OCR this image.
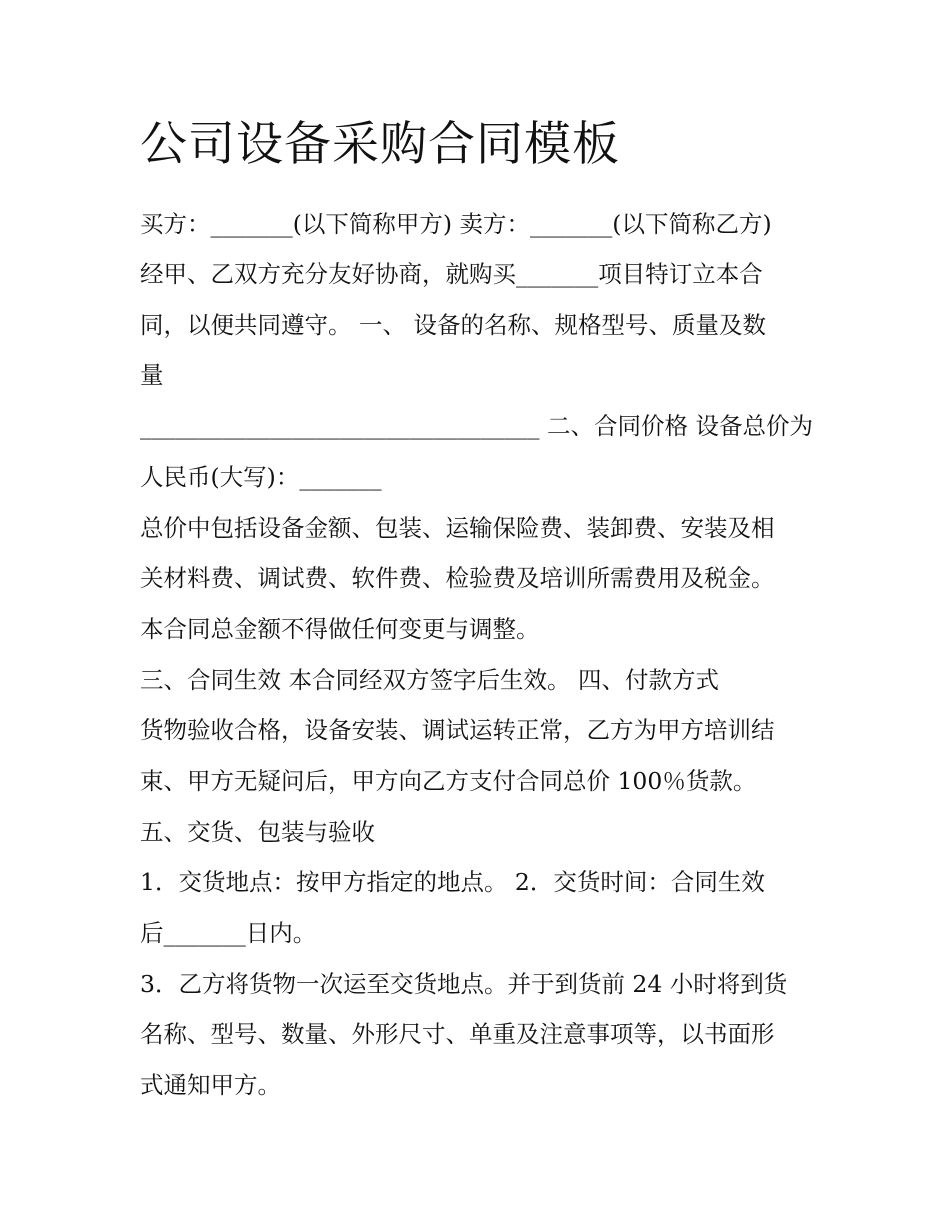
公司设备采购合同模板

买方：_______(以下简称甲方) 卖方：_______(以下简称乙方)

经甲、乙双方充分友好协商，就购买_______项目特订立本合

同，以便共同遵守。 一、 设备的名称、规格型号、质量及数

量

__________________________________ 二、合同价格 设备总价为

人民币(大写)：_______

总价中包括设备金额、包装、运输保险费、装卸费、安装及相

关材料费、调试费、软件费、检验费及培训所需费用及税金。

本合同总金额不得做任何变更与调整。

三、合同生效 本合同经双方签字后生效。 四、付款方式

货物验收合格，设备安装、调试运转正常，乙方为甲方培训结

束、甲方无疑问后，甲方向乙方支付合同总价 100％货款。

五、交货、包装与验收

1．交货地点：按甲方指定的地点。 2．交货时间：合同生效

后_______日内。

3．乙方将货物一次运至交货地点。并于到货前 24 小时将到货

名称、型号、数量、外形尺寸、单重及注意事项等，以书面形

式通知甲方。
